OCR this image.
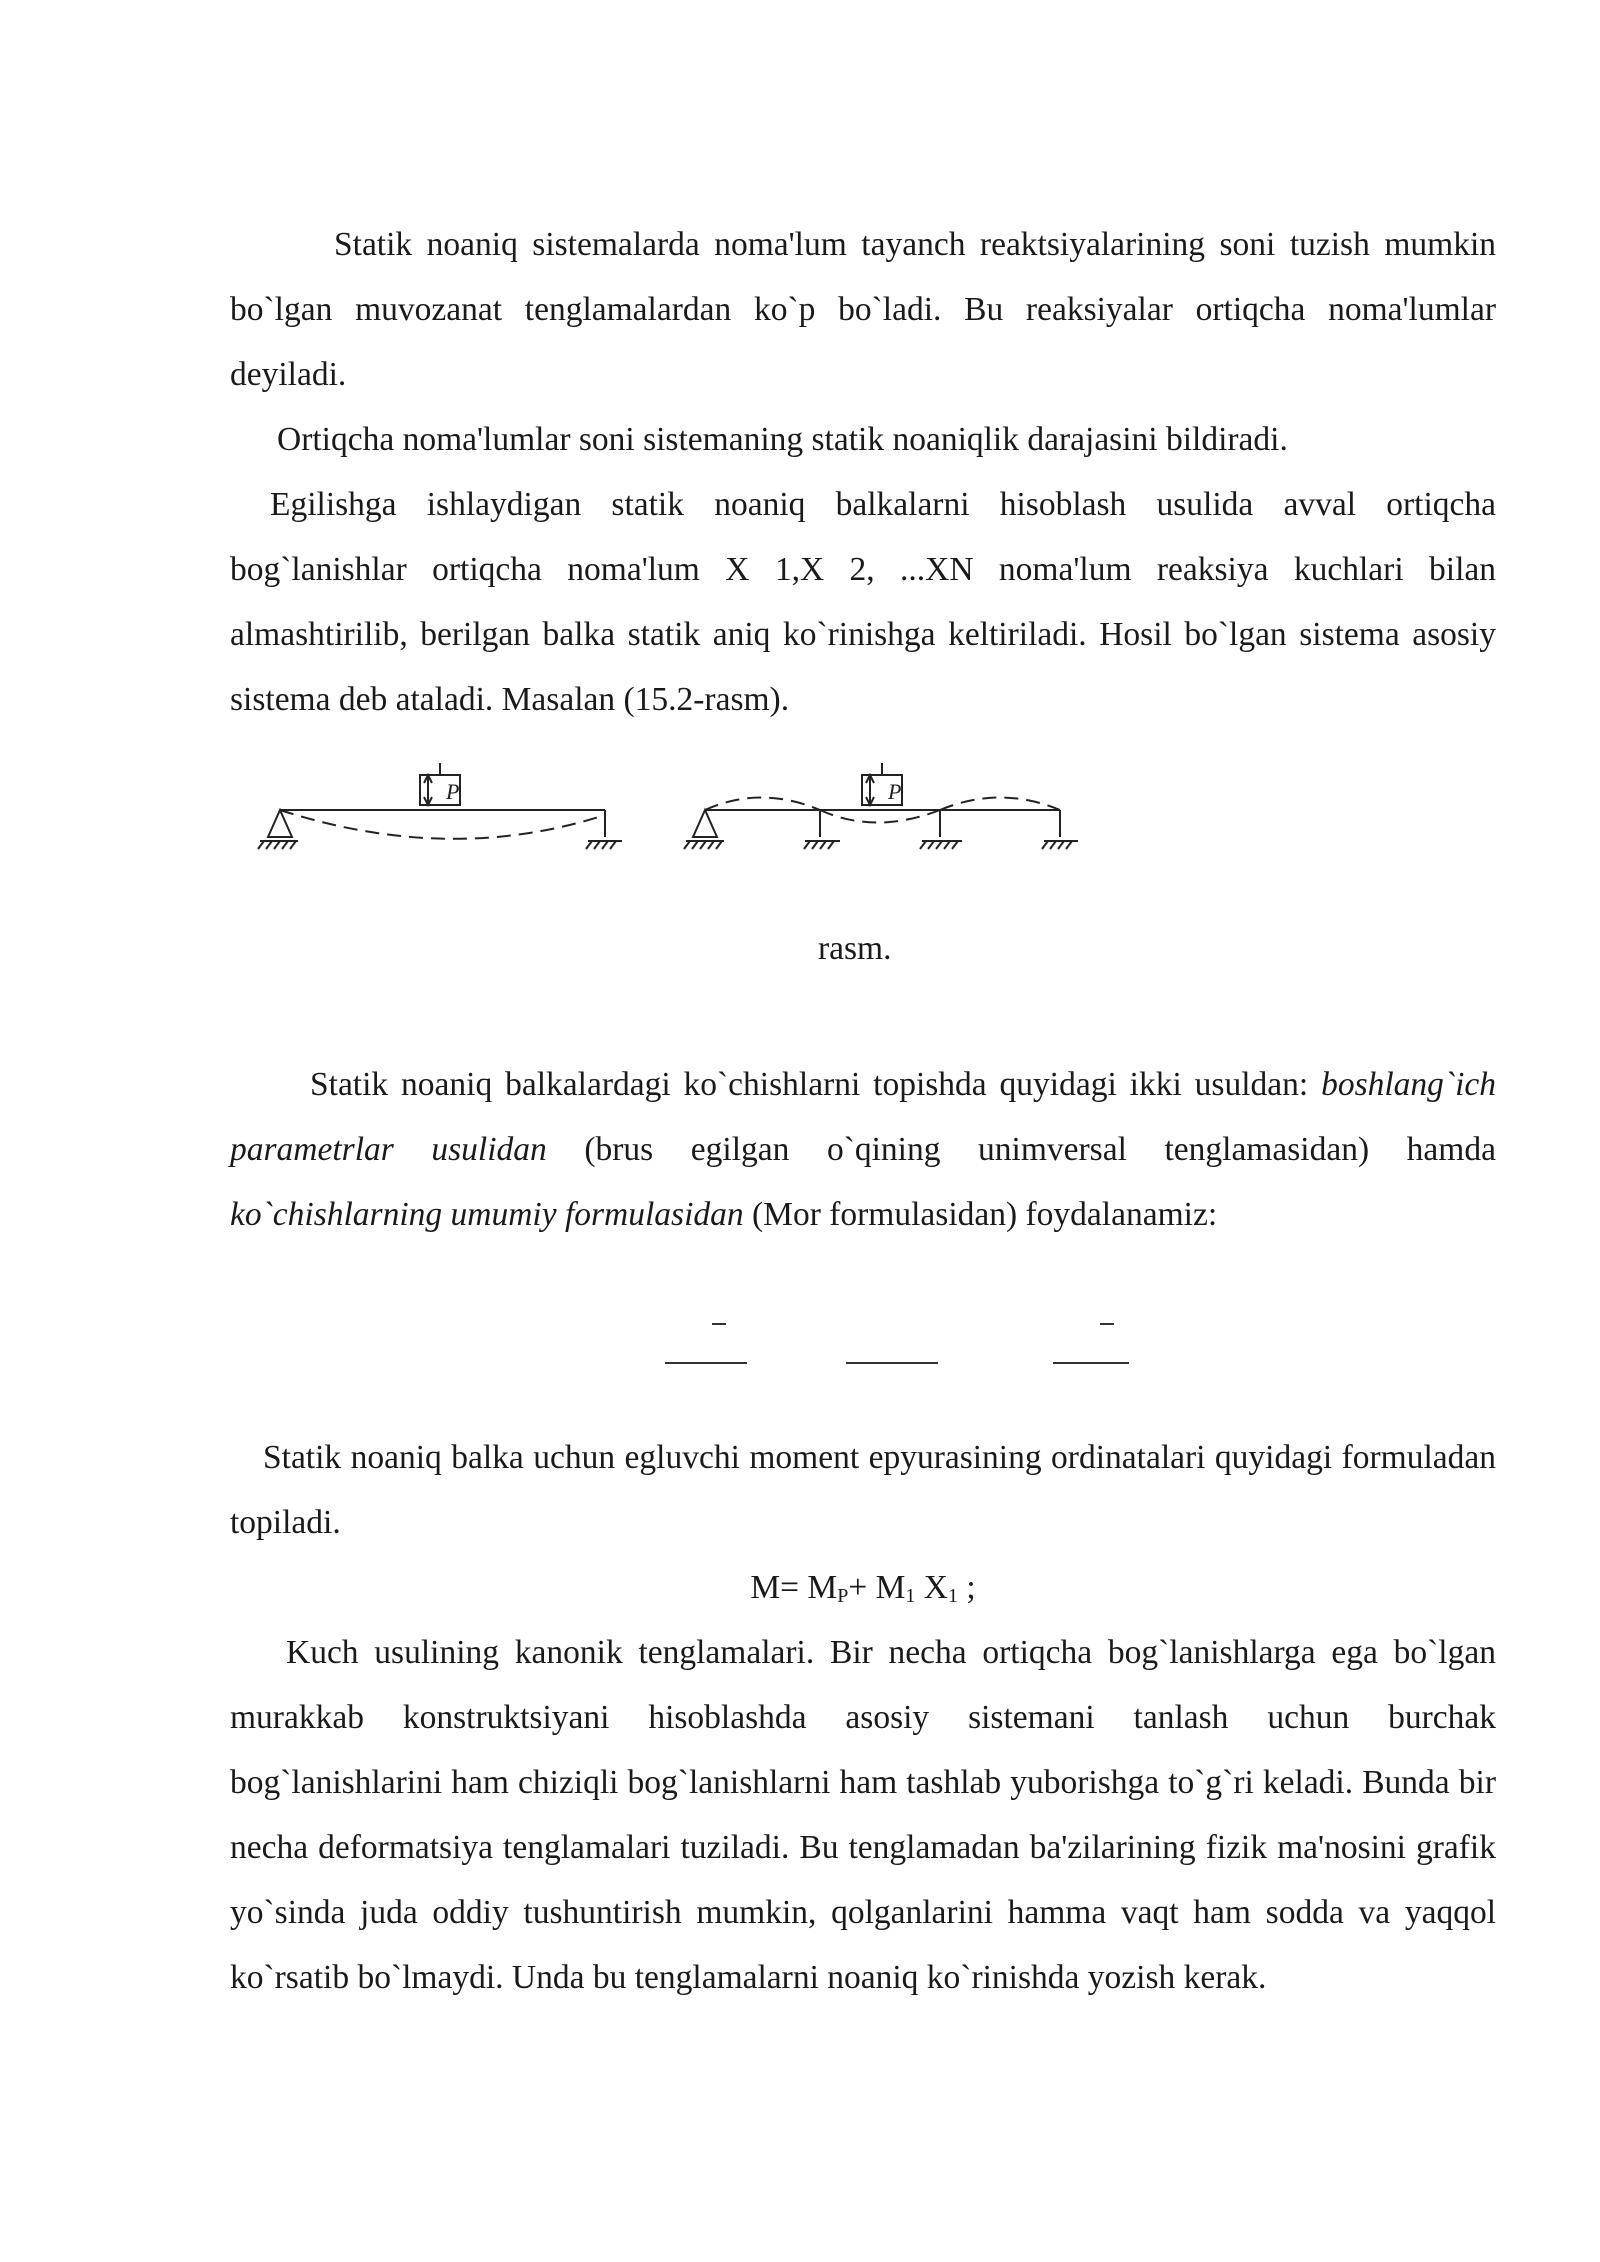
Statik noaniq sistemalarda noma'lum tayanch reaktsiyalarining soni tuzish mumkin bo`lgan muvozanat tenglamalardan ko`p bo`ladi. Bu reaksiyalar ortiqcha noma'lumlar deyiladi.

Ortiqcha noma'lumlar soni sistemaning statik noaniqlik darajasini bildiradi.

Egilishga ishlaydigan statik noaniq balkalarni hisoblash usulida avval ortiqcha bog`lanishlar ortiqcha noma'lum X 1,X 2, ...XN noma'lum reaksiya kuchlari bilan almashtirilib, berilgan balka statik aniq ko`rinishga keltiriladi. Hosil bo`lgan sistema asosiy sistema deb ataladi. Masalan (15.2-rasm).

P	P
rasm.

Statik noaniq balkalardagi ko`chishlarni topishda quyidagi ikki usuldan: boshlang`ich parametrlar usulidan (brus egilgan o`qining unimversal tenglamasidan) hamda ko`chishlarning umumiy formulasidan (Mor formulasidan) foydalanamiz:

Statik noaniq balka uchun egluvchi moment epyurasining ordinatalari quyidagi formuladan topiladi.

$M= M_P+ M_1$ $X_1$ ;

Kuch usulining kanonik tenglamalari. Bir necha ortiqcha bog`lanishlarga ega bo`lgan murakkab konstruktsiyani hisoblashda asosiy sistemani tanlash uchun burchak bog`lanishlarini ham chiziqli bog`lanishlarni ham tashlab yuborishga to`g`ri keladi. Bunda bir necha deformatsiya tenglamalari tuziladi. Bu tenglamadan ba'zilarining fizik ma'nosini grafik yo`sinda juda oddiy tushuntirish mumkin, qolganlarini hamma vaqt ham sodda va yaqqol ko`rsatib bo`lmaydi. Unda bu tenglamalarni noaniq ko`rinishda yozish kerak.
